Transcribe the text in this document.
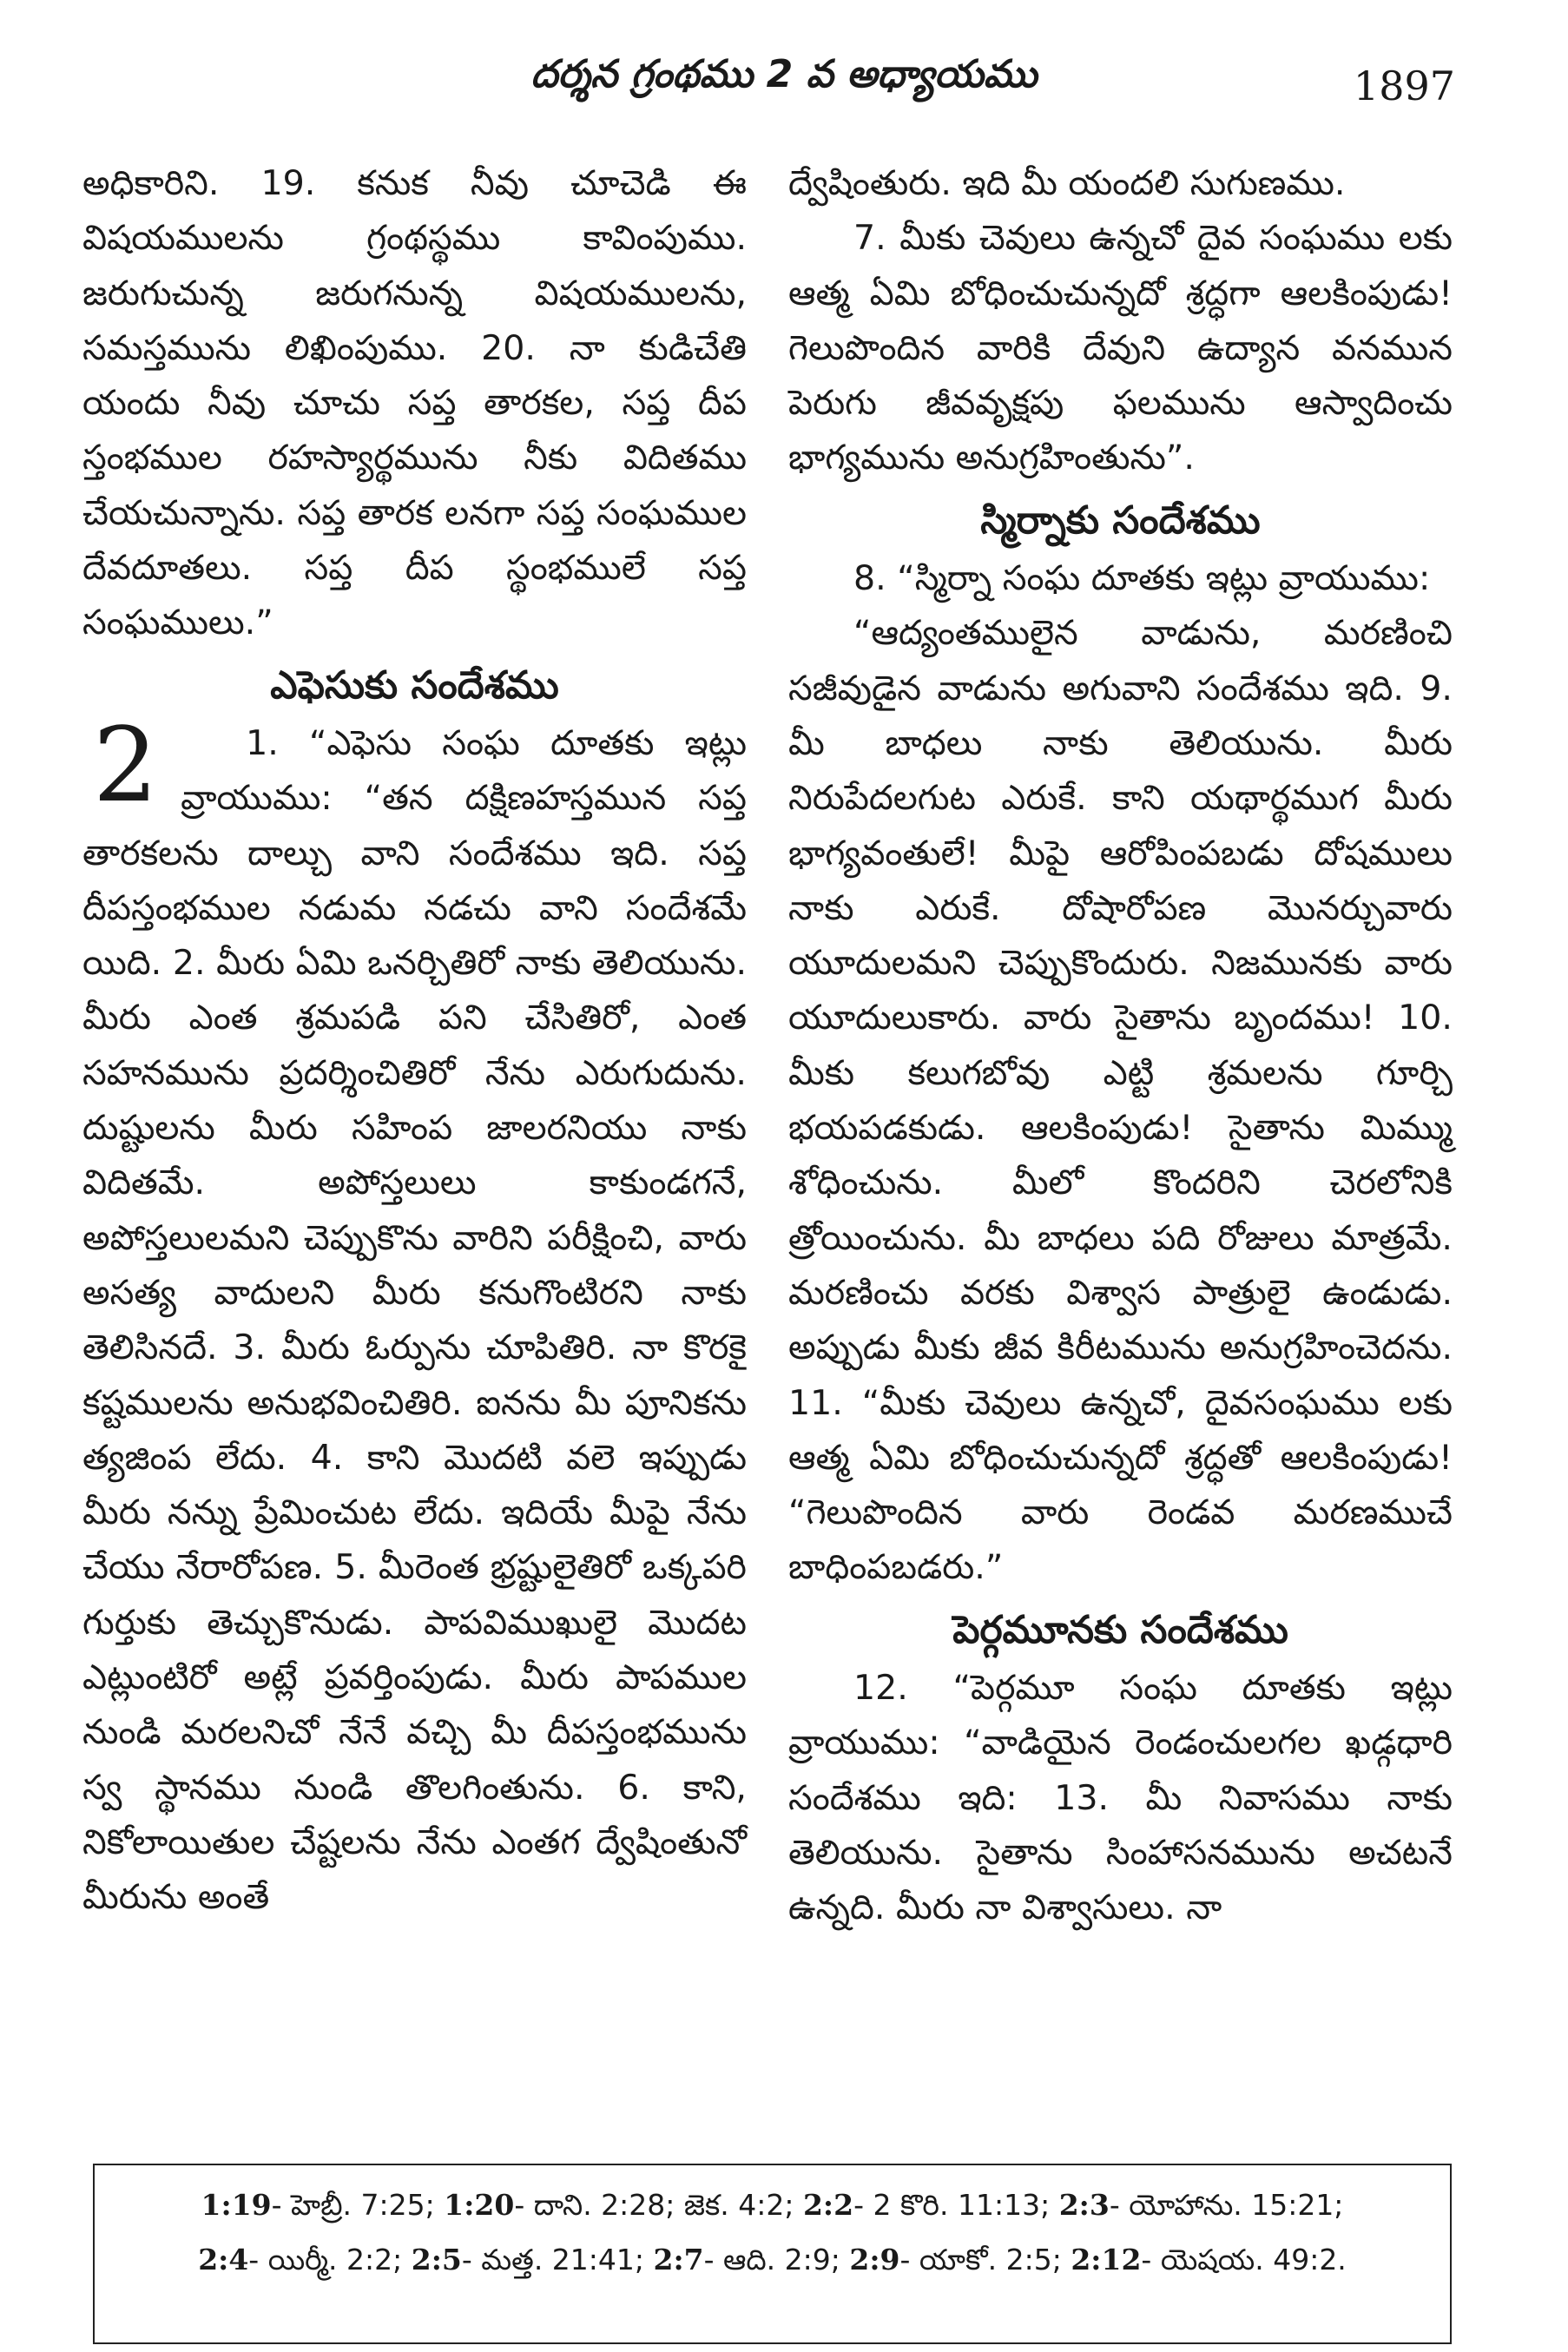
దర్శన గ్రంథము 2 వ అధ్యాయము	1897

అధికారిని. 19. కనుక నీవు చూచెడి ఈ విషయములను గ్రంథస్థము కావింపుము. జరుగుచున్న జరుగనున్న విషయములను, సమస్తమును లిఖింపుము. 20. నా కుడిచేతి యందు నీవు చూచు సప్త తారకల, సప్త దీప స్తంభముల రహస్యార్థమును నీకు విదితము చేయచున్నాను. సప్త తారక లనగా సప్త సంఘముల దేవదూతలు. సప్త దీప స్థంభములే సప్త సంఘములు.”

ఎఫెసుకు సందేశము
2	1. “ఎఫెసు సంఘ దూతకు ఇట్లు వ్రాయుము: “తన దక్షిణహస్తమున సప్త తారకలను దాల్చు వాని సందేశము ఇది. సప్త దీపస్తంభముల నడుమ నడచు వాని సందేశమే యిది. 2. మీరు ఏమి ఒనర్చితిరో నాకు తెలియును. మీరు ఎంత శ్రమపడి పని చేసితిరో, ఎంత సహనమును ప్రదర్శించితిరో నేను ఎరుగుదును. దుష్టులను మీరు సహింప జాలరనియు నాకు విదితమే. అపోస్తలులు కాకుండగనే, అపోస్తలులమని చెప్పుకొను వారిని పరీక్షించి, వారు అసత్య వాదులని మీరు కనుగొంటిరని నాకు తెలిసినదే. 3. మీరు ఓర్పును చూపితిరి. నా కొరకై కష్టములను అనుభవించితిరి. ఐనను మీ పూనికను త్యజింప లేదు. 4. కాని మొదటి వలె ఇప్పుడు మీరు నన్ను ప్రేమించుట లేదు. ఇదియే మీపై నేను చేయు నేరారోపణ. 5. మీరెంత భ్రష్టులైతిరో ఒక్కపరి గుర్తుకు తెచ్చుకొనుడు. పాపవిముఖులై మొదట ఎట్లుంటిరో అట్లే ప్రవర్తింపుడు. మీరు పాపముల నుండి మరలనిచో నేనే వచ్చి మీ దీపస్తంభమును స్వ స్థానము నుండి తొలగింతును. 6. కాని, నికోలాయితుల చేష్టలను నేను ఎంతగ ద్వేషింతునో మీరును అంతే

ద్వేషింతురు. ఇది మీ యందలి సుగుణము.

7. మీకు చెవులు ఉన్నచో దైవ సంఘము లకు ఆత్మ ఏమి బోధించుచున్నదో శ్రద్ధగా ఆలకింపుడు! గెలుపొందిన వారికి దేవుని ఉద్యాన వనమున పెరుగు జీవవృక్షపు ఫలమును ఆస్వాదించు భాగ్యమును అనుగ్రహింతును”.

స్మిర్నాకు సందేశము

8. “స్మిర్నా సంఘ దూతకు ఇట్లు వ్రాయుము:

“ఆద్యంతములైన వాడును, మరణించి సజీవుడైన వాడును అగువాని సందేశము ఇది. 9. మీ బాధలు నాకు తెలియును. మీరు నిరుపేదలగుట ఎరుకే. కాని యథార్థముగ మీరు భాగ్యవంతులే! మీపై ఆరోపింపబడు దోషములు నాకు ఎరుకే. దోషారోపణ మొనర్చువారు యూదులమని చెప్పుకొందురు. నిజమునకు వారు యూదులుకారు. వారు సైతాను బృందము! 10. మీకు కలుగబోవు ఎట్టి శ్రమలను గూర్చి భయపడకుడు. ఆలకింపుడు! సైతాను మిమ్ము శోధించును. మీలో కొందరిని చెరలోనికి త్రోయించును. మీ బాధలు పది రోజులు మాత్రమే. మరణించు వరకు విశ్వాస పాత్రులై ఉండుడు. అప్పుడు మీకు జీవ కిరీటమును అనుగ్రహించెదను. 11. “మీకు చెవులు ఉన్నచో, దైవసంఘము లకు ఆత్మ ఏమి బోధించుచున్నదో శ్రద్ధతో ఆలకింపుడు! “గెలుపొందిన వారు రెండవ మరణముచే బాధింపబడరు.”

పెర్గమూనకు సందేశము

12. “పెర్గమూ సంఘ దూతకు ఇట్లు వ్రాయుము: “వాడియైన రెండంచులగల ఖడ్గధారి సందేశము ఇది: 13. మీ నివాసము నాకు తెలియును. సైతాను సింహాసనమును అచటనే ఉన్నది. మీరు నా విశ్వాసులు. నా

1:19- హెబ్రీ. 7:25; 1:20- దాని. 2:28; జెక. 4:2; 2:2- 2 కొరి. 11:13; 2:3- యోహాను. 15:21;
2:4- యిర్మీ. 2:2; 2:5- మత్త. 21:41; 2:7- ఆది. 2:9; 2:9- యాకో. 2:5; 2:12- యెషయ. 49:2.
